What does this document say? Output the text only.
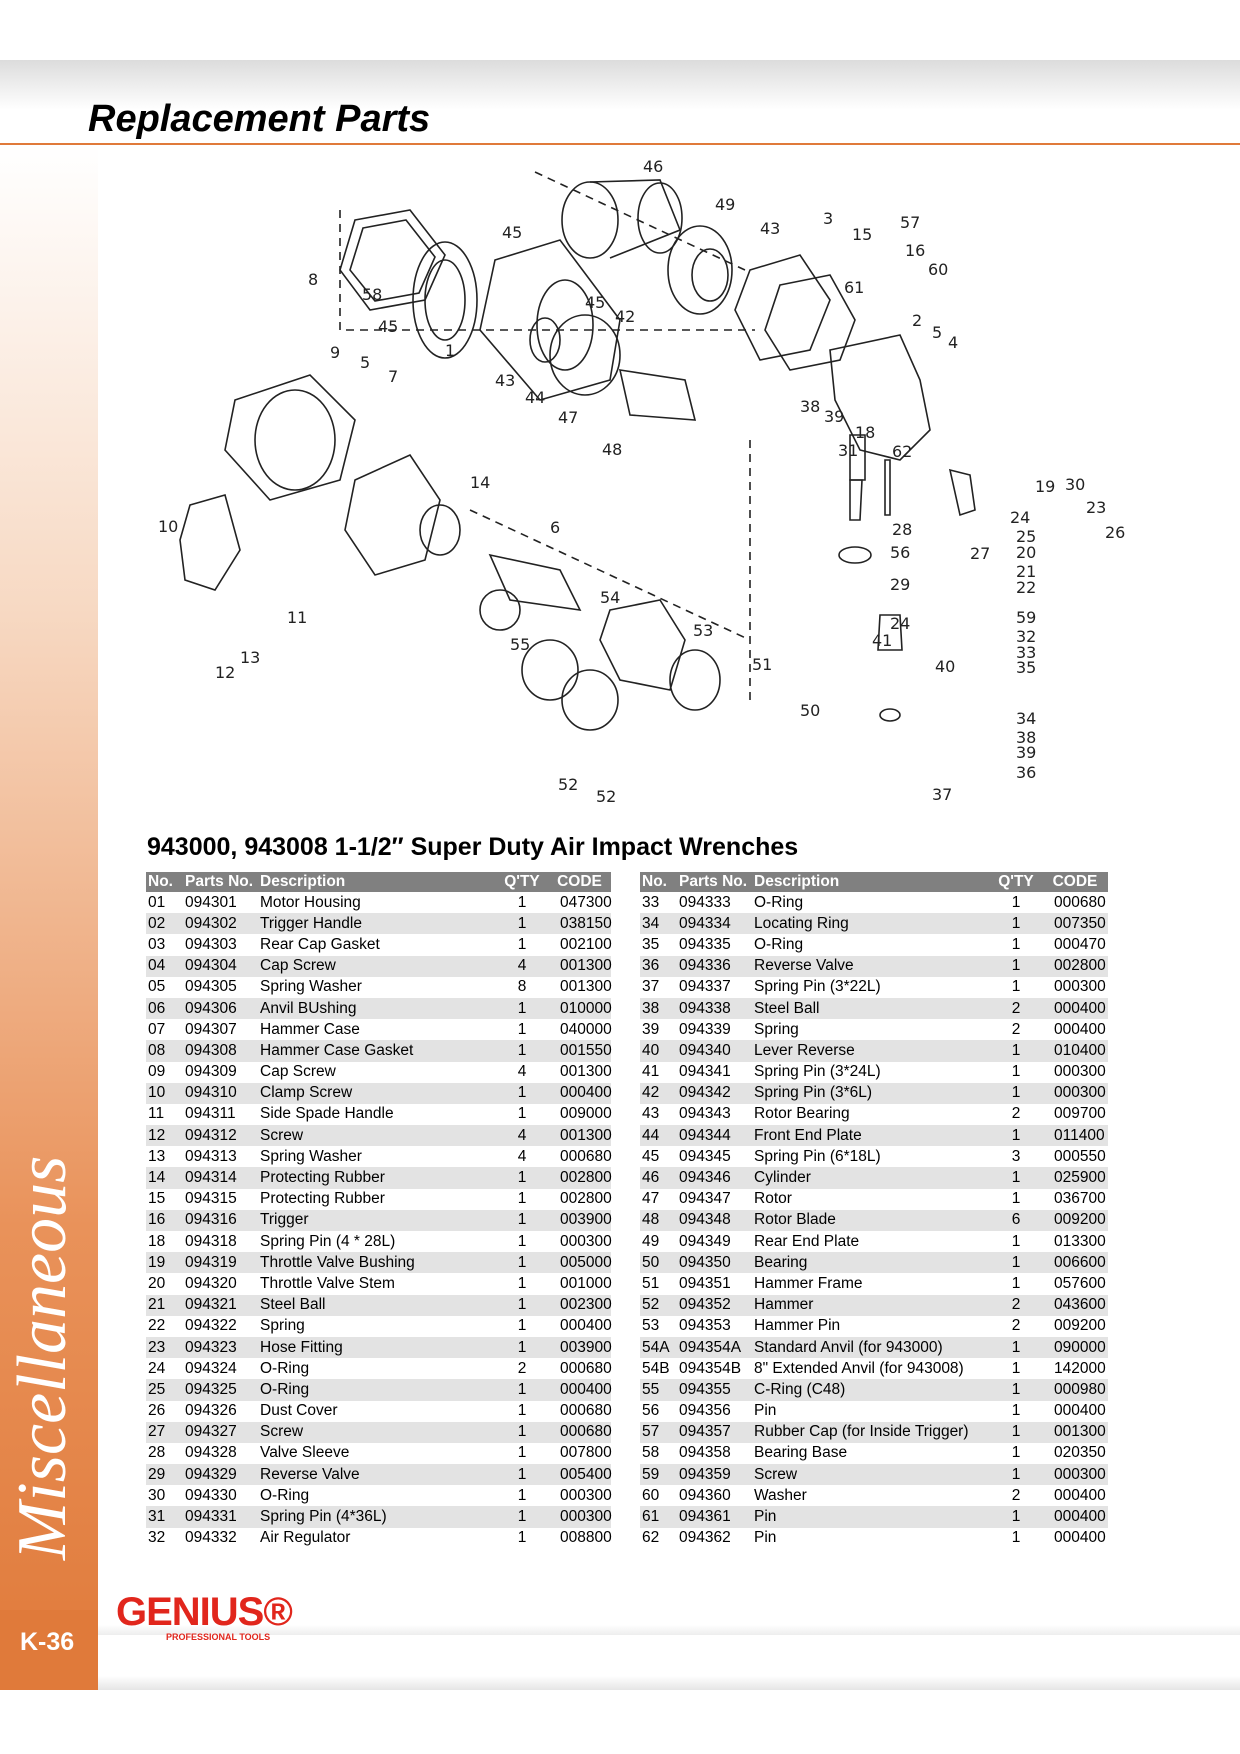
Replacement Parts
Miscellaneous
K-36
GENIUS®
PROFESSIONAL TOOLS
46
45
49
43
3
15
57
16
60
61
8
58	45
42	2
5
4
45
1
9
5
43
7
44
47
38
39
18
31 62
48
14	19 30
23
26
24
25
28
56	27 20
10	6
21
22
29
54
11
53
59
24
41	32
33
40	35
55
13
12	51
50	34
38
39
36
52
52	37
943000, 943008 1-1/2″ Super Duty Air Impact Wrenches
No.	Parts No.	Description	Q'TY	CODE
01	094301	Motor Housing	1	047300
02	094302	Trigger Handle	1	038150
03	094303	Rear Cap Gasket	1	002100
04	094304	Cap Screw	4	001300
05	094305	Spring Washer	8	001300
06	094306	Anvil BUshing	1	010000
07	094307	Hammer Case	1	040000
08	094308	Hammer Case Gasket	1	001550
09	094309	Cap Screw	4	001300
10	094310	Clamp Screw	1	000400
11	094311	Side Spade Handle	1	009000
12	094312	Screw	4	001300
13	094313	Spring Washer	4	000680
14	094314	Protecting Rubber	1	002800
15	094315	Protecting Rubber	1	002800
16	094316	Trigger	1	003900
18	094318	Spring Pin (4 * 28L)	1	000300
19	094319	Throttle Valve Bushing	1	005000
20	094320	Throttle Valve Stem	1	001000
21	094321	Steel Ball	1	002300
22	094322	Spring	1	000400
23	094323	Hose Fitting	1	003900
24	094324	O-Ring	2	000680
25	094325	O-Ring	1	000400
26	094326	Dust Cover	1	000680
27	094327	Screw	1	000680
28	094328	Valve Sleeve	1	007800
29	094329	Reverse Valve	1	005400
30	094330	O-Ring	1	000300
31	094331	Spring Pin (4*36L)	1	000300
32	094332	Air Regulator	1	008800
No.	Parts No.	Description	Q'TY	CODE
33	094333	O-Ring	1	000680
34	094334	Locating Ring	1	007350
35	094335	O-Ring	1	000470
36	094336	Reverse Valve	1	002800
37	094337	Spring Pin (3*22L)	1	000300
38	094338	Steel Ball	2	000400
39	094339	Spring	2	000400
40	094340	Lever Reverse	1	010400
41	094341	Spring Pin (3*24L)	1	000300
42	094342	Spring Pin (3*6L)	1	000300
43	094343	Rotor Bearing	2	009700
44	094344	Front End Plate	1	011400
45	094345	Spring Pin (6*18L)	3	000550
46	094346	Cylinder	1	025900
47	094347	Rotor	1	036700
48	094348	Rotor Blade	6	009200
49	094349	Rear End Plate	1	013300
50	094350	Bearing	1	006600
51	094351	Hammer Frame	1	057600
52	094352	Hammer	2	043600
53	094353	Hammer Pin	2	009200
54A	094354A	Standard Anvil (for 943000)	1	090000
54B	094354B	8" Extended Anvil (for 943008)	1	142000
55	094355	C-Ring (C48)	1	000980
56	094356	Pin	1	000400
57	094357	Rubber Cap (for Inside Trigger)	1	001300
58	094358	Bearing Base	1	020350
59	094359	Screw	1	000300
60	094360	Washer	2	000400
61	094361	Pin	1	000400
62	094362	Pin	1	000400
